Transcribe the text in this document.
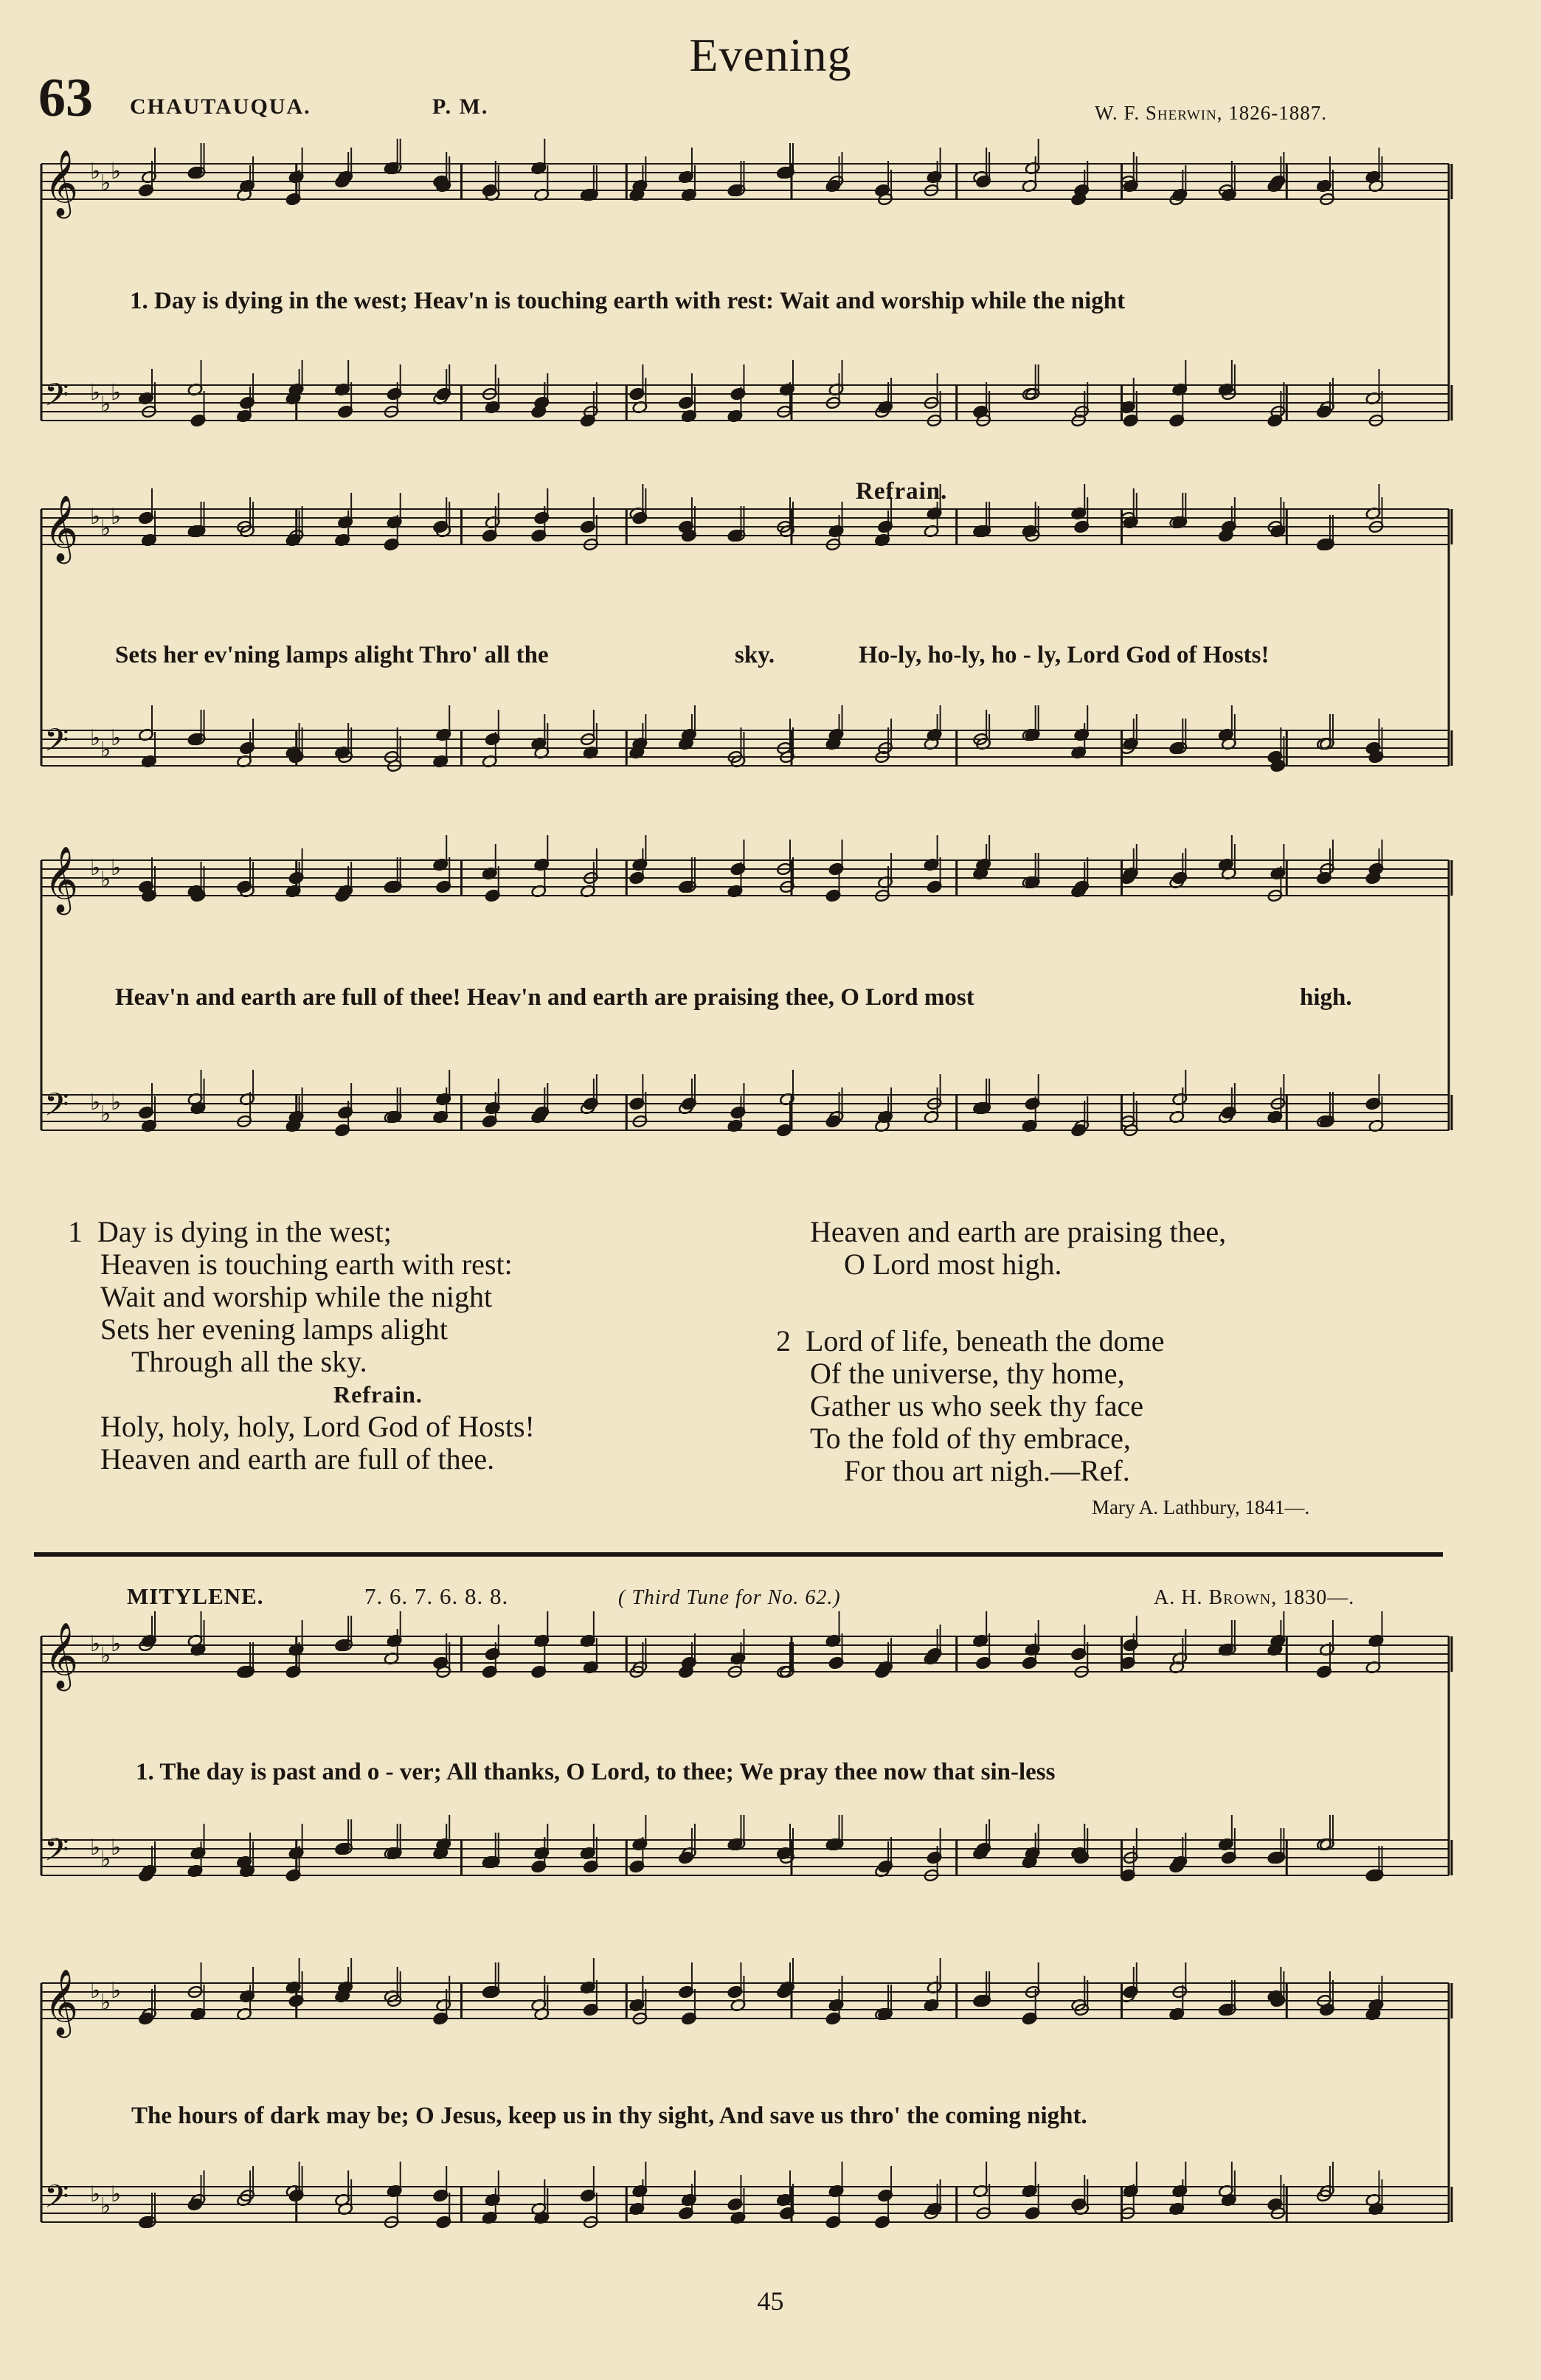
Evening
63 CHAUTAUQUA.	P. M.	W. F. Sherwin, 1826-1887.
𝄞 ♭ ♭ ♭
𝄢 ♭ ♭ ♭
1. Day is dying in the west; Heav'n is touching earth with rest: Wait and worship while the night
𝄞 ♭ ♭ ♭
𝄢 ♭ ♭ ♭
Refrain.
Sets her ev'ning lamps alight Thro' all the	sky.	Ho-ly, ho-ly, ho - ly, Lord God of Hosts!
𝄞 ♭ ♭ ♭
𝄢 ♭ ♭ ♭
Heav'n and earth are full of thee! Heav'n and earth are praising thee, O Lord most	high.
1 Day is dying in the west;
Heaven is touching earth with rest:
Wait and worship while the night
Sets her evening lamps alight
Through all the sky.
Refrain.
Holy, holy, holy, Lord God of Hosts!
Heaven and earth are full of thee.
Heaven and earth are praising thee,
O Lord most high.
2 Lord of life, beneath the dome
Of the universe, thy home,
Gather us who seek thy face
To the fold of thy embrace,
For thou art nigh.—Ref.
Mary A. Lathbury, 1841—.
MITYLENE.	7. 6. 7. 6. 8. 8.	( Third Tune for No. 62.)	A. H. Brown, 1830—.
𝄞 ♭ ♭ ♭
𝄢 ♭ ♭ ♭
1. The day is past and o - ver; All thanks, O Lord, to thee; We pray thee now that sin-less
𝄞 ♭ ♭ ♭
𝄢 ♭ ♭ ♭
The hours of dark may be; O Jesus, keep us in thy sight, And save us thro' the coming night.
45
